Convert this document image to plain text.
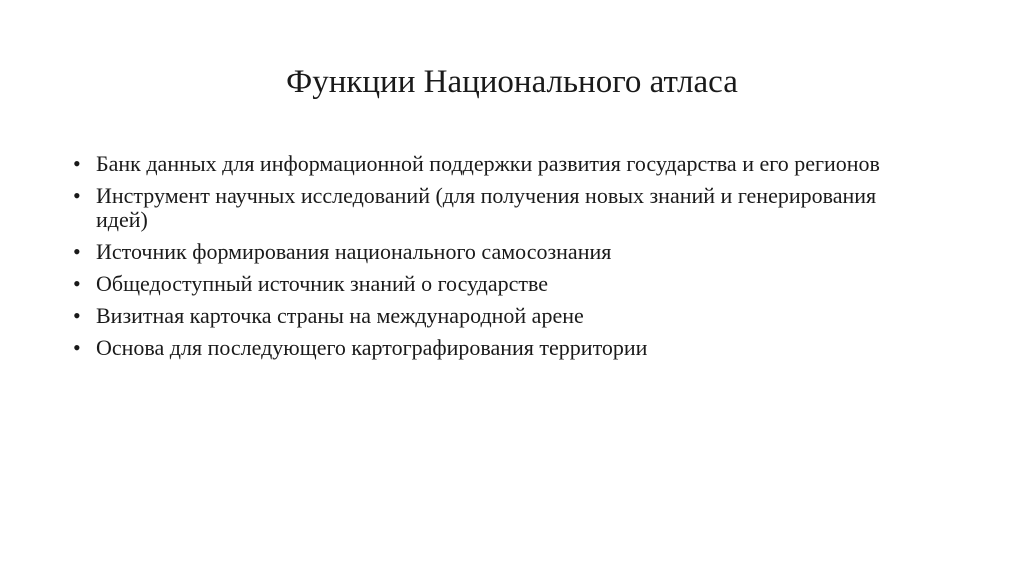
Функции Национального атласа
• Банк данных для информационной поддержки развития государства и его регионов
• Инструмент научных исследований (для получения новых знаний и генерирования идей)
• Источник формирования национального самосознания
• Общедоступный источник знаний о государстве
• Визитная карточка страны на международной арене
• Основа для последующего картографирования территории
